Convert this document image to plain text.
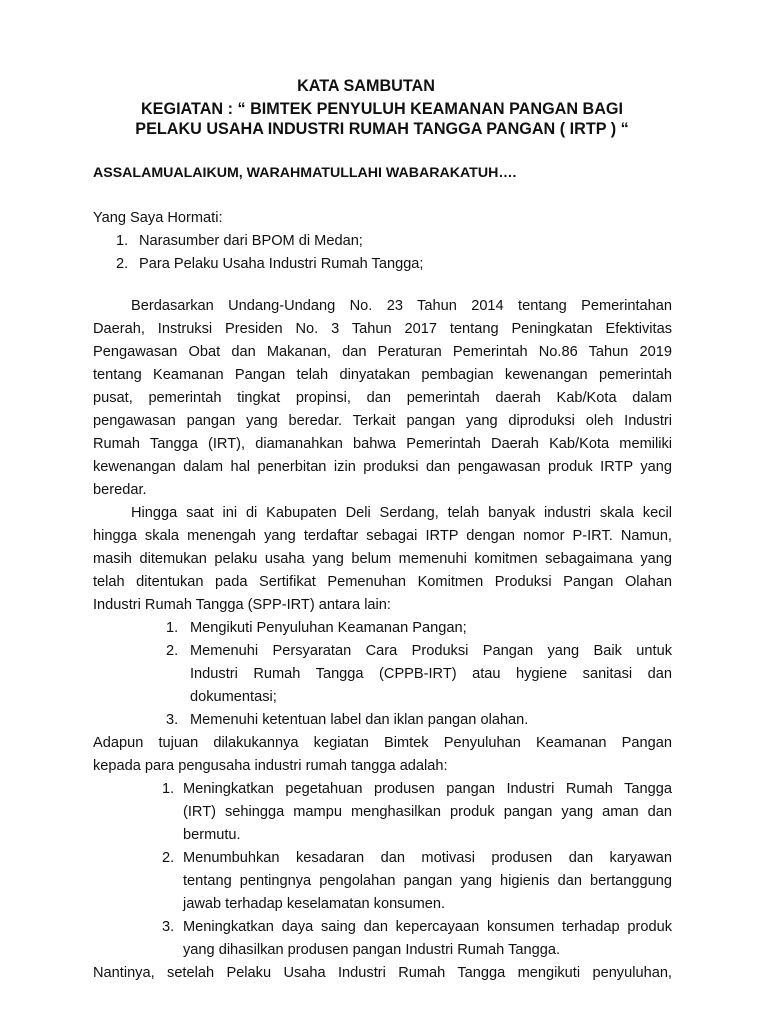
KATA SAMBUTAN
KEGIATAN : “ BIMTEK PENYULUH KEAMANAN PANGAN BAGI
PELAKU USAHA INDUSTRI RUMAH TANGGA PANGAN ( IRTP ) “
ASSALAMUALAIKUM, WARAHMATULLAHI WABARAKATUH….
Yang Saya Hormati:
1. Narasumber dari BPOM di Medan;
2. Para Pelaku Usaha Industri Rumah Tangga;
Berdasarkan Undang-Undang No. 23 Tahun 2014 tentang Pemerintahan
Daerah, Instruksi Presiden No. 3 Tahun 2017 tentang Peningkatan Efektivitas
Pengawasan Obat dan Makanan, dan Peraturan Pemerintah No.86 Tahun 2019
tentang Keamanan Pangan telah dinyatakan pembagian kewenangan pemerintah
pusat, pemerintah tingkat propinsi, dan pemerintah daerah Kab/Kota dalam
pengawasan pangan yang beredar. Terkait pangan yang diproduksi oleh Industri
Rumah Tangga (IRT), diamanahkan bahwa Pemerintah Daerah Kab/Kota memiliki
kewenangan dalam hal penerbitan izin produksi dan pengawasan produk IRTP yang
beredar.
Hingga saat ini di Kabupaten Deli Serdang, telah banyak industri skala kecil
hingga skala menengah yang terdaftar sebagai IRTP dengan nomor P-IRT. Namun,
masih ditemukan pelaku usaha yang belum memenuhi komitmen sebagaimana yang
telah ditentukan pada Sertifikat Pemenuhan Komitmen Produksi Pangan Olahan
Industri Rumah Tangga (SPP-IRT) antara lain:
1. Mengikuti Penyuluhan Keamanan Pangan;
2. Memenuhi Persyaratan Cara Produksi Pangan yang Baik untuk
Industri Rumah Tangga (CPPB-IRT) atau hygiene sanitasi dan
dokumentasi;
3. Memenuhi ketentuan label dan iklan pangan olahan.
Adapun tujuan dilakukannya kegiatan Bimtek Penyuluhan Keamanan Pangan
kepada para pengusaha industri rumah tangga adalah:
1. Meningkatkan pegetahuan produsen pangan Industri Rumah Tangga
(IRT) sehingga mampu menghasilkan produk pangan yang aman dan
bermutu.
2. Menumbuhkan kesadaran dan motivasi produsen dan karyawan
tentang pentingnya pengolahan pangan yang higienis dan bertanggung
jawab terhadap keselamatan konsumen.
3. Meningkatkan daya saing dan kepercayaan konsumen terhadap produk
yang dihasilkan produsen pangan Industri Rumah Tangga.
Nantinya, setelah Pelaku Usaha Industri Rumah Tangga mengikuti penyuluhan,
